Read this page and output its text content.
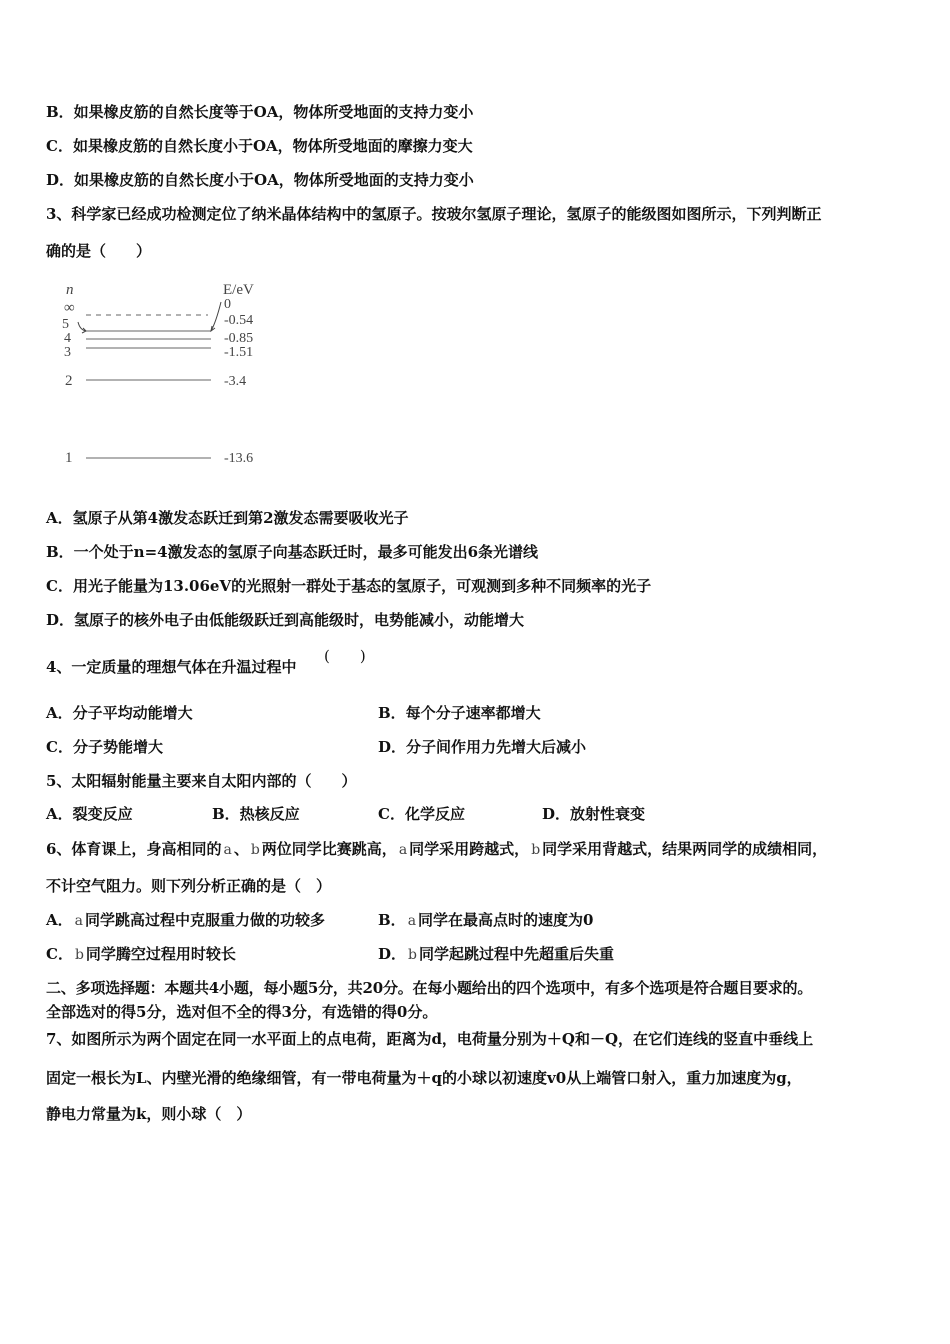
B．如果橡皮筋的自然长度等于OA，物体所受地面的支持力变小
C．如果橡皮筋的自然长度小于OA，物体所受地面的摩擦力变大
D．如果橡皮筋的自然长度小于OA，物体所受地面的支持力变小
3、科学家已经成功检测定位了纳米晶体结构中的氢原子。按玻尔氢原子理论，氢原子的能级图如图所示，下列判断正
确的是（　　）
n	E/eV
∞
5
4
3
2
1
0
-0.54
-0.85
-1.51
-3.4
-13.6
A．氢原子从第4激发态跃迁到第2激发态需要吸收光子
B．一个处于n=4激发态的氢原子向基态跃迁时，最多可能发出6条光谱线
C．用光子能量为13.06eV的光照射一群处于基态的氢原子，可观测到多种不同频率的光子
D．氢原子的核外电子由低能级跃迁到高能级时，电势能减小，动能增大
4、一定质量的理想气体在升温过程中
(　　)
A．分子平均动能增大	B．每个分子速率都增大
C．分子势能增大	D．分子间作用力先增大后减小
5、太阳辐射能量主要来自太阳内部的（　　）
A．裂变反应	B．热核反应	C．化学反应	D．放射性衰变
6、体育课上，身高相同的 a 、 b 两位同学比赛跳高， a 同学采用跨越式， b 同学采用背越式，结果两同学的成绩相同，
不计空气阻力。则下列分析正确的是（　）
A． a 同学跳高过程中克服重力做的功较多	B． a 同学在最高点时的速度为0
C． b 同学腾空过程用时较长	D． b 同学起跳过程中先超重后失重
二、多项选择题：本题共4小题，每小题5分，共20分。在每小题给出的四个选项中，有多个选项是符合题目要求的。
全部选对的得5分，选对但不全的得3分，有选错的得0分。
7、如图所示为两个固定在同一水平面上的点电荷，距离为d，电荷量分别为＋Q和－Q，在它们连线的竖直中垂线上
固定一根长为L、内壁光滑的绝缘细管，有一带电荷量为＋q的小球以初速度v0从上端管口射入，重力加速度为g，
静电力常量为k，则小球（　）
